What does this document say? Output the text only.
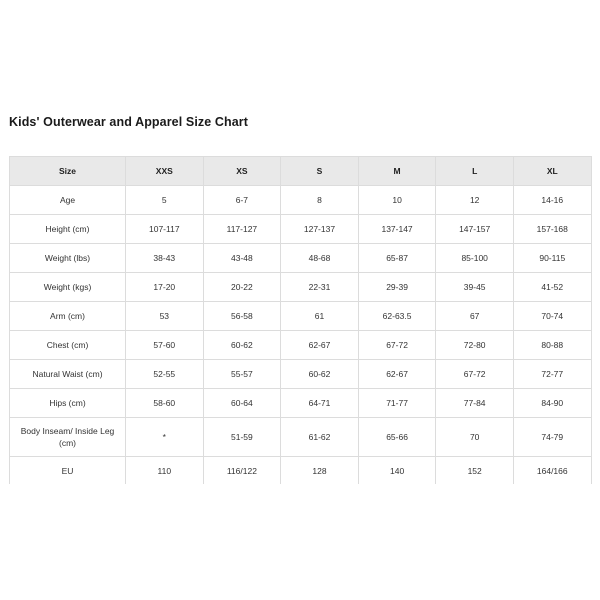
Kids' Outerwear and Apparel Size Chart
Size	XXS	XS	S	M	L	XL
Age	5	6-7	8	10	12	14-16
Height (cm)	107-117	117-127	127-137	137-147	147-157	157-168
Weight (lbs)	38-43	43-48	48-68	65-87	85-100	90-115
Weight (kgs)	17-20	20-22	22-31	29-39	39-45	41-52
Arm (cm)	53	56-58	61	62-63.5	67	70-74
Chest (cm)	57-60	60-62	62-67	67-72	72-80	80-88
Natural Waist (cm)	52-55	55-57	60-62	62-67	67-72	72-77
Hips (cm)	58-60	60-64	64-71	71-77	77-84	84-90
Body Inseam/ Inside Leg (cm)	*	51-59	61-62	65-66	70	74-79
EU	110	116/122	128	140	152	164/166
